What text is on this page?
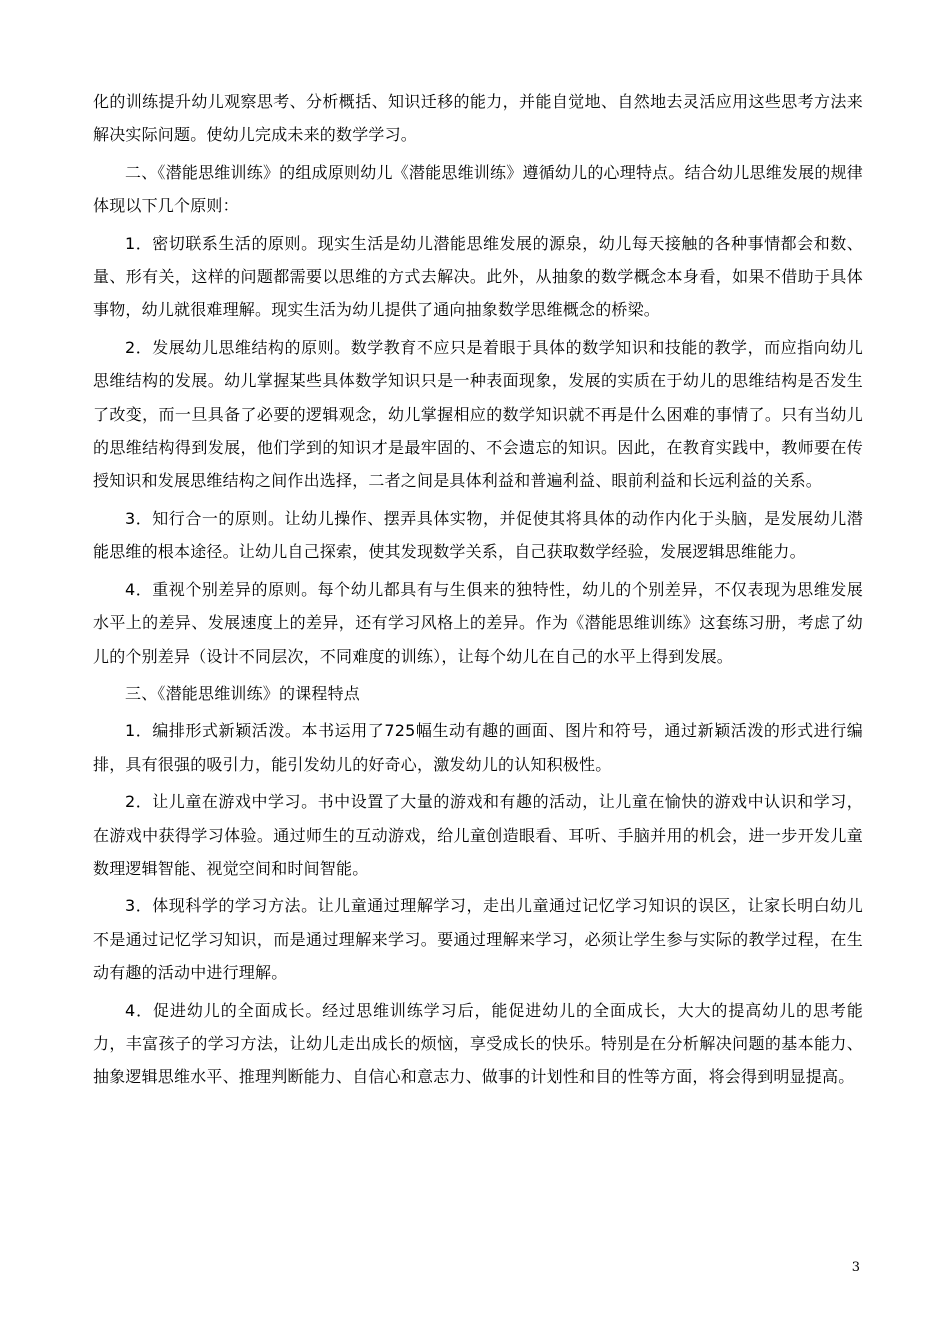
化的训练提升幼儿观察思考、分析概括、知识迁移的能力，并能自觉地、自然地去灵活应用这些思考方法来解决实际问题。使幼儿完成未来的数学学习。

二、《潜能思维训练》的组成原则幼儿《潜能思维训练》遵循幼儿的心理特点。结合幼儿思维发展的规律体现以下几个原则：

1．密切联系生活的原则。现实生活是幼儿潜能思维发展的源泉，幼儿每天接触的各种事情都会和数、量、形有关，这样的问题都需要以思维的方式去解决。此外，从抽象的数学概念本身看，如果不借助于具体事物，幼儿就很难理解。现实生活为幼儿提供了通向抽象数学思维概念的桥梁。

2．发展幼儿思维结构的原则。数学教育不应只是着眼于具体的数学知识和技能的教学，而应指向幼儿思维结构的发展。幼儿掌握某些具体数学知识只是一种表面现象，发展的实质在于幼儿的思维结构是否发生了改变，而一旦具备了必要的逻辑观念，幼儿掌握相应的数学知识就不再是什么困难的事情了。只有当幼儿的思维结构得到发展，他们学到的知识才是最牢固的、不会遗忘的知识。因此，在教育实践中，教师要在传授知识和发展思维结构之间作出选择，二者之间是具体利益和普遍利益、眼前利益和长远利益的关系。

3．知行合一的原则。让幼儿操作、摆弄具体实物，并促使其将具体的动作内化于头脑，是发展幼儿潜能思维的根本途径。让幼儿自己探索，使其发现数学关系，自己获取数学经验，发展逻辑思维能力。

4．重视个别差异的原则。每个幼儿都具有与生俱来的独特性，幼儿的个别差异，不仅表现为思维发展水平上的差异、发展速度上的差异，还有学习风格上的差异。作为《潜能思维训练》这套练习册，考虑了幼儿的个别差异（设计不同层次，不同难度的训练），让每个幼儿在自己的水平上得到发展。

三、《潜能思维训练》的课程特点

1．编排形式新颖活泼。本书运用了725幅生动有趣的画面、图片和符号，通过新颖活泼的形式进行编排，具有很强的吸引力，能引发幼儿的好奇心，激发幼儿的认知积极性。

2．让儿童在游戏中学习。书中设置了大量的游戏和有趣的活动，让儿童在愉快的游戏中认识和学习，在游戏中获得学习体验。通过师生的互动游戏，给儿童创造眼看、耳听、手脑并用的机会，进一步开发儿童数理逻辑智能、视觉空间和时间智能。

3．体现科学的学习方法。让儿童通过理解学习，走出儿童通过记忆学习知识的误区，让家长明白幼儿不是通过记忆学习知识，而是通过理解来学习。要通过理解来学习，必须让学生参与实际的教学过程，在生动有趣的活动中进行理解。

4．促进幼儿的全面成长。经过思维训练学习后，能促进幼儿的全面成长，大大的提高幼儿的思考能力，丰富孩子的学习方法，让幼儿走出成长的烦恼，享受成长的快乐。特别是在分析解决问题的基本能力、抽象逻辑思维水平、推理判断能力、自信心和意志力、做事的计划性和目的性等方面，将会得到明显提高。

3
